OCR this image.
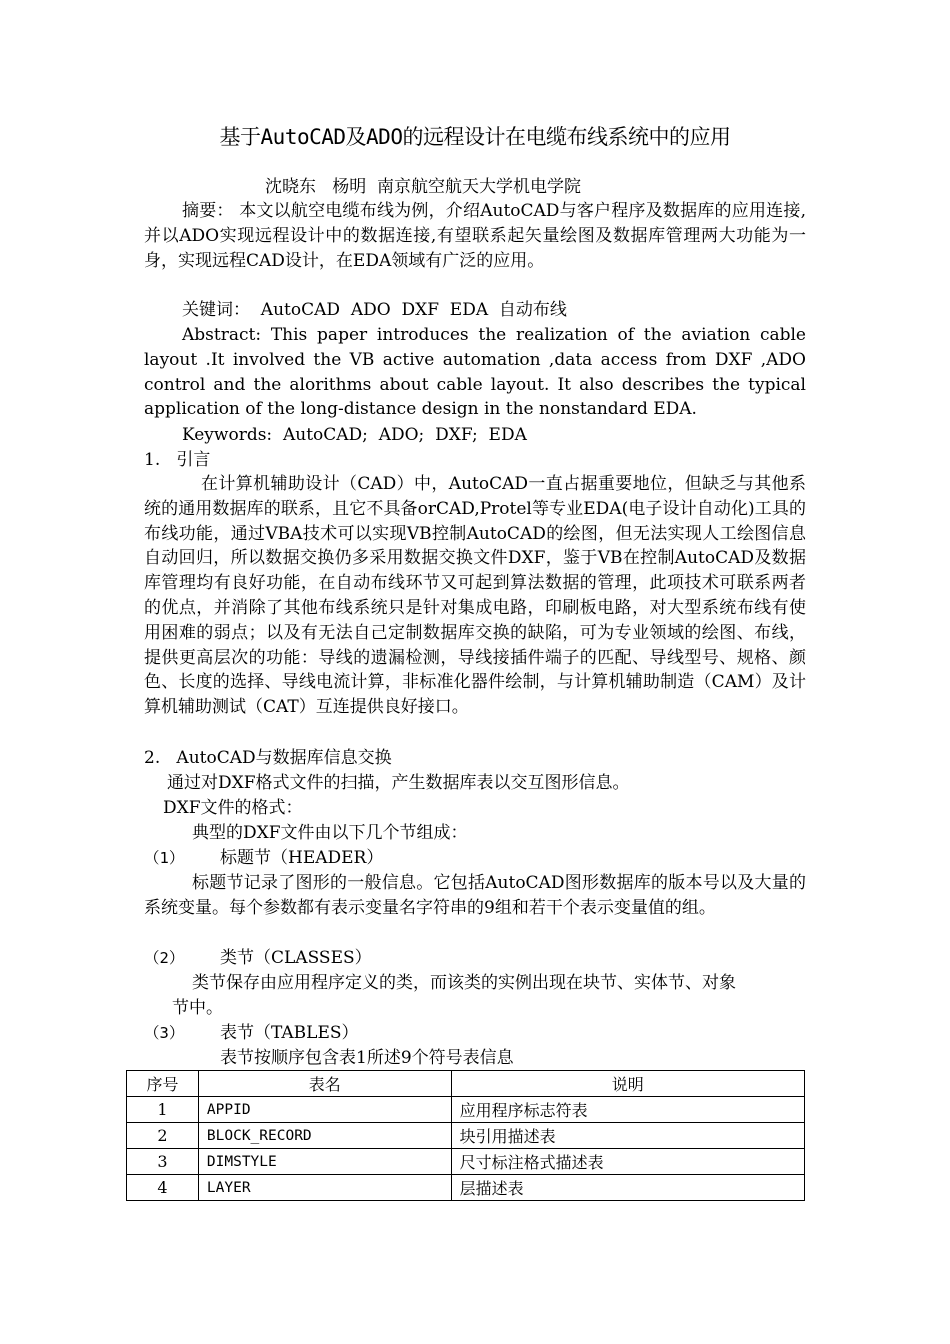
基于AutoCAD及ADO的远程设计在电缆布线系统中的应用
沈晓东   杨明  南京航空航天大学机电学院
摘要： 本文以航空电缆布线为例，介绍AutoCAD与客户程序及数据库的应用连接,并以ADO实现远程设计中的数据连接,有望联系起矢量绘图及数据库管理两大功能为一身，实现远程CAD设计，在EDA领域有广泛的应用。
关键词：  AutoCAD  ADO  DXF  EDA  自动布线
Abstract: This paper introduces the realization of the aviation cable layout .It involved the VB active automation ,data access from DXF ,ADO control and the alorithms about cable layout. It also describes the typical application of the long-distance design in the nonstandard EDA.
Keywords:  AutoCAD;  ADO;  DXF;  EDA
1.   引言
在计算机辅助设计（CAD）中，AutoCAD一直占据重要地位，但缺乏与其他系统的通用数据库的联系，且它不具备orCAD,Protel等专业EDA(电子设计自动化)工具的布线功能，通过VBA技术可以实现VB控制AutoCAD的绘图，但无法实现人工绘图信息自动回归，所以数据交换仍多采用数据交换文件DXF，鉴于VB在控制AutoCAD及数据库管理均有良好功能，在自动布线环节又可起到算法数据的管理，此项技术可联系两者的优点，并消除了其他布线系统只是针对集成电路，印刷板电路，对大型系统布线有使用困难的弱点；以及有无法自己定制数据库交换的缺陷，可为专业领域的绘图、布线，提供更高层次的功能：导线的遗漏检测，导线接插件端子的匹配、导线型号、规格、颜色、长度的选择、导线电流计算，非标准化器件绘制，与计算机辅助制造（CAM）及计算机辅助测试（CAT）互连提供良好接口。
2.   AutoCAD与数据库信息交换
通过对DXF格式文件的扫描，产生数据库表以交互图形信息。
DXF文件的格式：
典型的DXF文件由以下几个节组成：
（1） 标题节（HEADER）
标题节记录了图形的一般信息。它包括AutoCAD图形数据库的版本号以及大量的系统变量。每个参数都有表示变量名字符串的9组和若干个表示变量值的组。
（2） 类节（CLASSES）
类节保存由应用程序定义的类，而该类的实例出现在块节、实体节、对象
节中。
（3） 表节（TABLES）
表节按顺序包含表1所述9个符号表信息
序号	表名	说明
1	APPID	应用程序标志符表
2	BLOCK_RECORD	块引用描述表
3	DIMSTYLE	尺寸标注格式描述表
4	LAYER	层描述表
